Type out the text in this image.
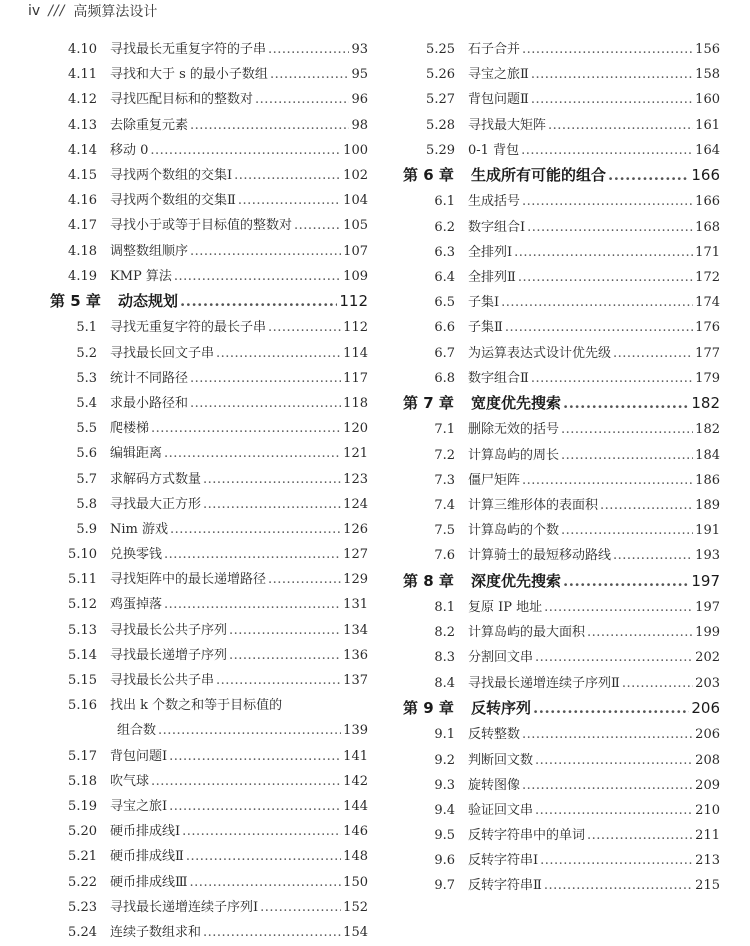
iv /// 高频算法设计
4.10 寻找最长无重复字符的子串 .....	93
4.11 寻找和大于 s 的最小子数组 .....	95
4.12 寻找匹配目标和的整数对 .....	96
4.13 去除重复元素 .....	98
4.14 移动 0 .....	100
4.15 寻找两个数组的交集Ⅰ .....	102
4.16 寻找两个数组的交集Ⅱ .....	104
4.17 寻找小于或等于目标值的整数对 .....	105
4.18 调整数组顺序 .....	107
4.19 KMP 算法 .....	109
第 5 章	动态规划 .....	112
5.1 寻找无重复字符的最长子串 .....	112
5.2 寻找最长回文子串 .....	114
5.3 统计不同路径 .....	117
5.4 求最小路径和 .....	118
5.5 爬楼梯 .....	120
5.6 编辑距离 .....	121
5.7 求解码方式数量 .....	123
5.8 寻找最大正方形 .....	124
5.9 Nim 游戏 .....	126
5.10 兑换零钱 .....	127
5.11 寻找矩阵中的最长递增路径 .....	129
5.12 鸡蛋掉落 .....	131
5.13 寻找最长公共子序列 .....	134
5.14 寻找最长递增子序列 .....	136
5.15 寻找最长公共子串 .....	137
5.16 找出 k 个数之和等于目标值的
组合数 .....	139
5.17 背包问题Ⅰ .....	141
5.18 吹气球 .....	142
5.19 寻宝之旅Ⅰ .....	144
5.20 硬币排成线Ⅰ .....	146
5.21 硬币排成线Ⅱ .....	148
5.22 硬币排成线Ⅲ .....	150
5.23 寻找最长递增连续子序列Ⅰ .....	152
5.24 连续子数组求和 .....	154
5.25 石子合并 .....	156
5.26 寻宝之旅Ⅱ .....	158
5.27 背包问题Ⅱ .....	160
5.28 寻找最大矩阵 .....	161
5.29 0-1 背包 .....	164
第 6 章	生成所有可能的组合 .....	166
6.1 生成括号 .....	166
6.2 数字组合Ⅰ .....	168
6.3 全排列Ⅰ .....	171
6.4 全排列Ⅱ .....	172
6.5 子集Ⅰ .....	174
6.6 子集Ⅱ .....	176
6.7 为运算表达式设计优先级 .....	177
6.8 数字组合Ⅱ .....	179
第 7 章	宽度优先搜索 .....	182
7.1 删除无效的括号 .....	182
7.2 计算岛屿的周长 .....	184
7.3 僵尸矩阵 .....	186
7.4 计算三维形体的表面积 .....	189
7.5 计算岛屿的个数 .....	191
7.6 计算骑士的最短移动路线 .....	193
第 8 章	深度优先搜索 .....	197
8.1 复原 IP 地址 .....	197
8.2 计算岛屿的最大面积 .....	199
8.3 分割回文串 .....	202
8.4 寻找最长递增连续子序列Ⅱ .....	203
第 9 章	反转序列 .....	206
9.1 反转整数 .....	206
9.2 判断回文数 .....	208
9.3 旋转图像 .....	209
9.4 验证回文串 .....	210
9.5 反转字符串中的单词 .....	211
9.6 反转字符串Ⅰ .....	213
9.7 反转字符串Ⅱ .....	215
